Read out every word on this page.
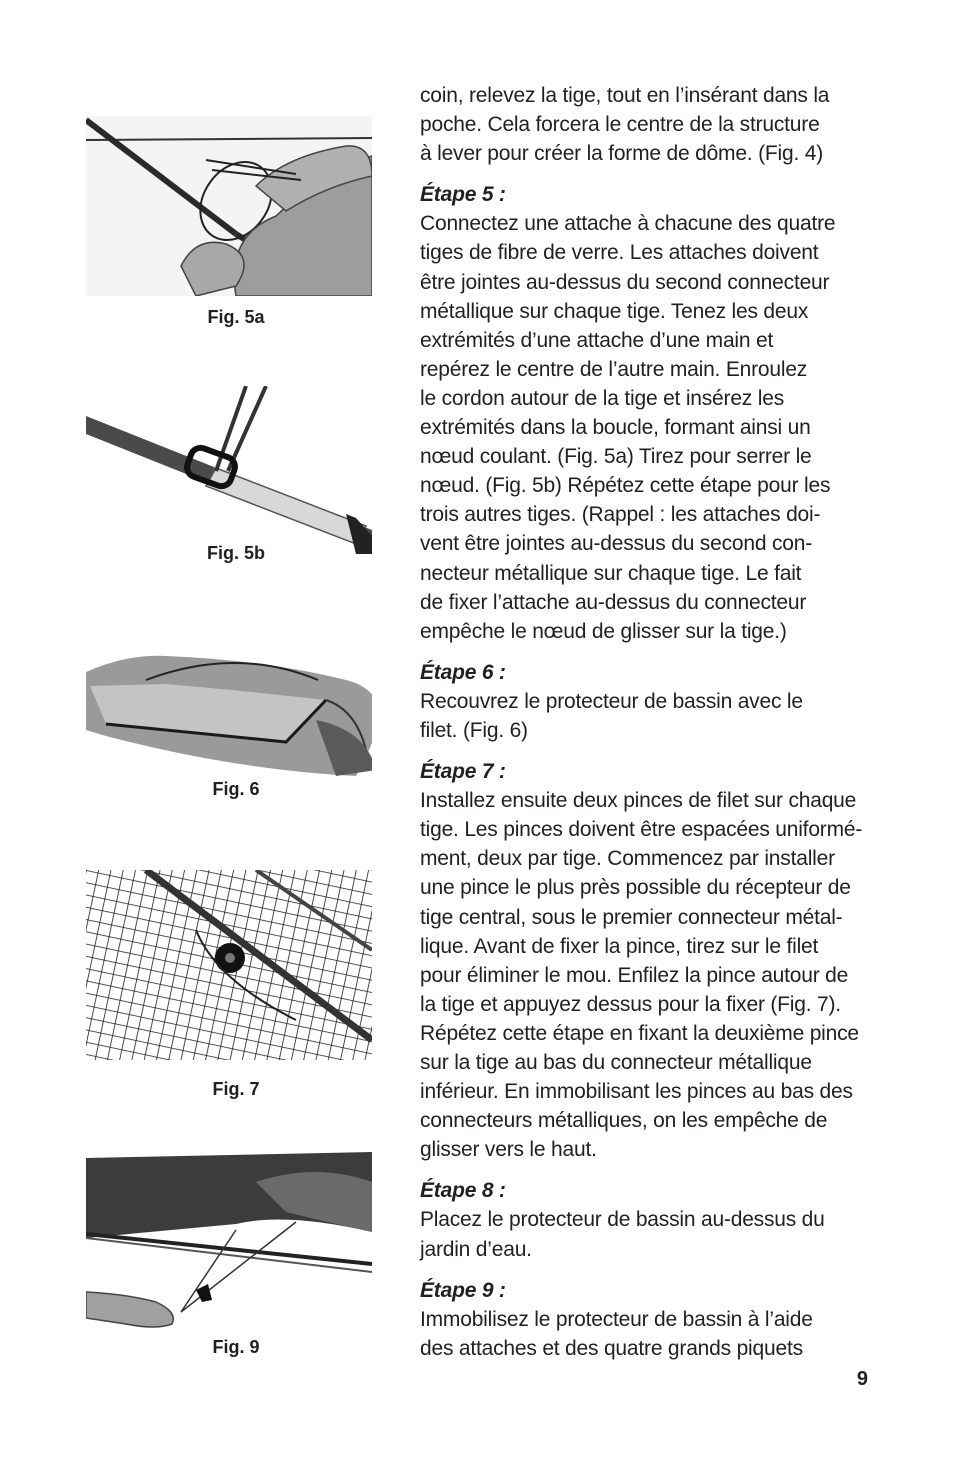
Fig. 5a
Fig. 5b
Fig. 6
Fig. 7
Fig. 9

coin, relevez la tige, tout en l’insérant dans la
poche. Cela forcera le centre de la structure
à lever pour créer la forme de dôme. (Fig. 4)

Étape 5 :
Connectez une attache à chacune des quatre
tiges de fibre de verre. Les attaches doivent
être jointes au-dessus du second connecteur
métallique sur chaque tige. Tenez les deux
extrémités d’une attache d’une main et
repérez le centre de l’autre main. Enroulez
le cordon autour de la tige et insérez les
extrémités dans la boucle, formant ainsi un
nœud coulant. (Fig. 5a) Tirez pour serrer le
nœud. (Fig. 5b) Répétez cette étape pour les
trois autres tiges. (Rappel : les attaches doi-
vent être jointes au-dessus du second con-
necteur métallique sur chaque tige. Le fait
de fixer l’attache au-dessus du connecteur
empêche le nœud de glisser sur la tige.)

Étape 6 :
Recouvrez le protecteur de bassin avec le
filet. (Fig. 6)

Étape 7 :
Installez ensuite deux pinces de filet sur chaque
tige. Les pinces doivent être espacées uniformé-
ment, deux par tige. Commencez par installer
une pince le plus près possible du récepteur de
tige central, sous le premier connecteur métal-
lique. Avant de fixer la pince, tirez sur le filet
pour éliminer le mou. Enfilez la pince autour de
la tige et appuyez dessus pour la fixer (Fig. 7).
Répétez cette étape en fixant la deuxième pince
sur la tige au bas du connecteur métallique
inférieur. En immobilisant les pinces au bas des
connecteurs métalliques, on les empêche de
glisser vers le haut.

Étape 8 :
Placez le protecteur de bassin au-dessus du
jardin d’eau.

Étape 9 :
Immobilisez le protecteur de bassin à l’aide
des attaches et des quatre grands piquets

9
